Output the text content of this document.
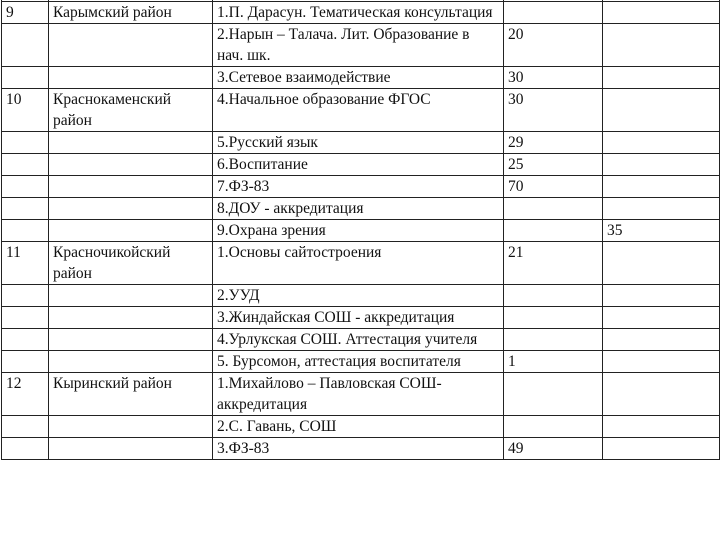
9	Карымский район	1.П. Дарасун. Тематическая консультация		
		2.Нарын – Талача. Лит. Образование в нач. шк.	20	
		3.Сетевое взаимодействие	30	
10	Краснокаменский район	4.Начальное образование ФГОС	30	
		5.Русский язык	29	
		6.Воспитание	25	
		7.ФЗ-83	70	
		8.ДОУ - аккредитация		
		9.Охрана зрения		35
11	Красночикойский район	1.Основы сайтостроения	21	
		2.УУД		
		3.Жиндайская СОШ - аккредитация		
		4.Урлукская СОШ. Аттестация учителя		
		5. Бурсомон, аттестация воспитателя	1	
12	Кыринский район	1.Михайлово – Павловская СОШ-аккредитация		
		2.С. Гавань, СОШ		
		3.ФЗ-83	49	
